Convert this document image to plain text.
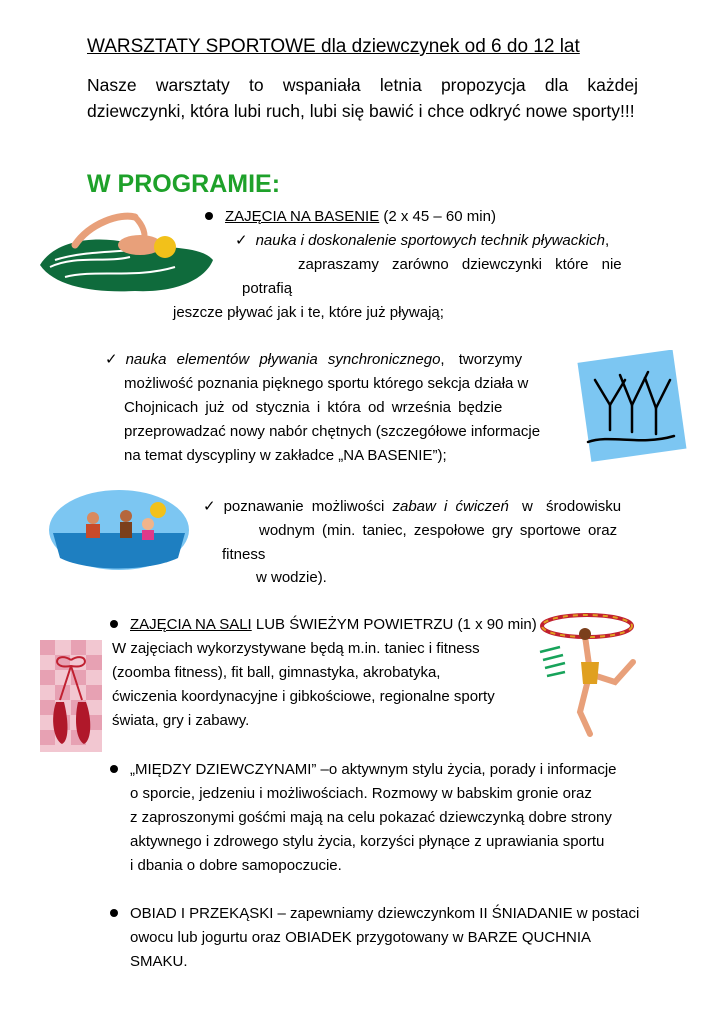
WARSZTATY SPORTOWE dla dziewczynek od 6 do 12 lat
Nasze warsztaty to wspaniała letnia propozycja dla każdej dziewczynki, która lubi ruch, lubi się bawić i chce odkryć nowe sporty!!!
W PROGRAMIE:
ZAJĘCIA NA BASENIE (2 x 45 – 60 min)
✓ nauka i doskonalenie sportowych technik pływackich,
zapraszamy zarówno dziewczynki które nie
potrafią
jeszcze pływać jak i te, które już pływają;
✓ nauka elementów pływania synchronicznego, tworzymy
możliwość poznania pięknego sportu którego sekcja działa w
Chojnicach już od stycznia i która od września będzie
przeprowadzać nowy nabór chętnych (szczegółowe informacje
na temat dyscypliny w zakładce „NA BASENIE”);
✓ poznawanie możliwości zabaw i ćwiczeń w środowisku
wodnym (min. taniec, zespołowe gry sportowe oraz
fitness
w wodzie).
ZAJĘCIA NA SALI LUB ŚWIEŻYM POWIETRZU (1 x 90 min)
W zajęciach wykorzystywane będą m.in. taniec i fitness
(zoomba fitness), fit ball, gimnastyka, akrobatyka,
ćwiczenia koordynacyjne i gibkościowe, regionalne sporty
świata, gry i zabawy.
„MIĘDZY DZIEWCZYNAMI” –o aktywnym stylu życia, porady i informacje
o sporcie, jedzeniu i możliwościach. Rozmowy w babskim gronie oraz
z zaproszonymi gośćmi mają na celu pokazać dziewczynką dobre strony
aktywnego i zdrowego stylu życia, korzyści płynące z uprawiania sportu
i dbania o dobre samopoczucie.
OBIAD I PRZEKĄSKI – zapewniamy dziewczynkom II ŚNIADANIE w postaci
owocu lub jogurtu oraz OBIADEK przygotowany w BARZE QUCHNIA
SMAKU.
